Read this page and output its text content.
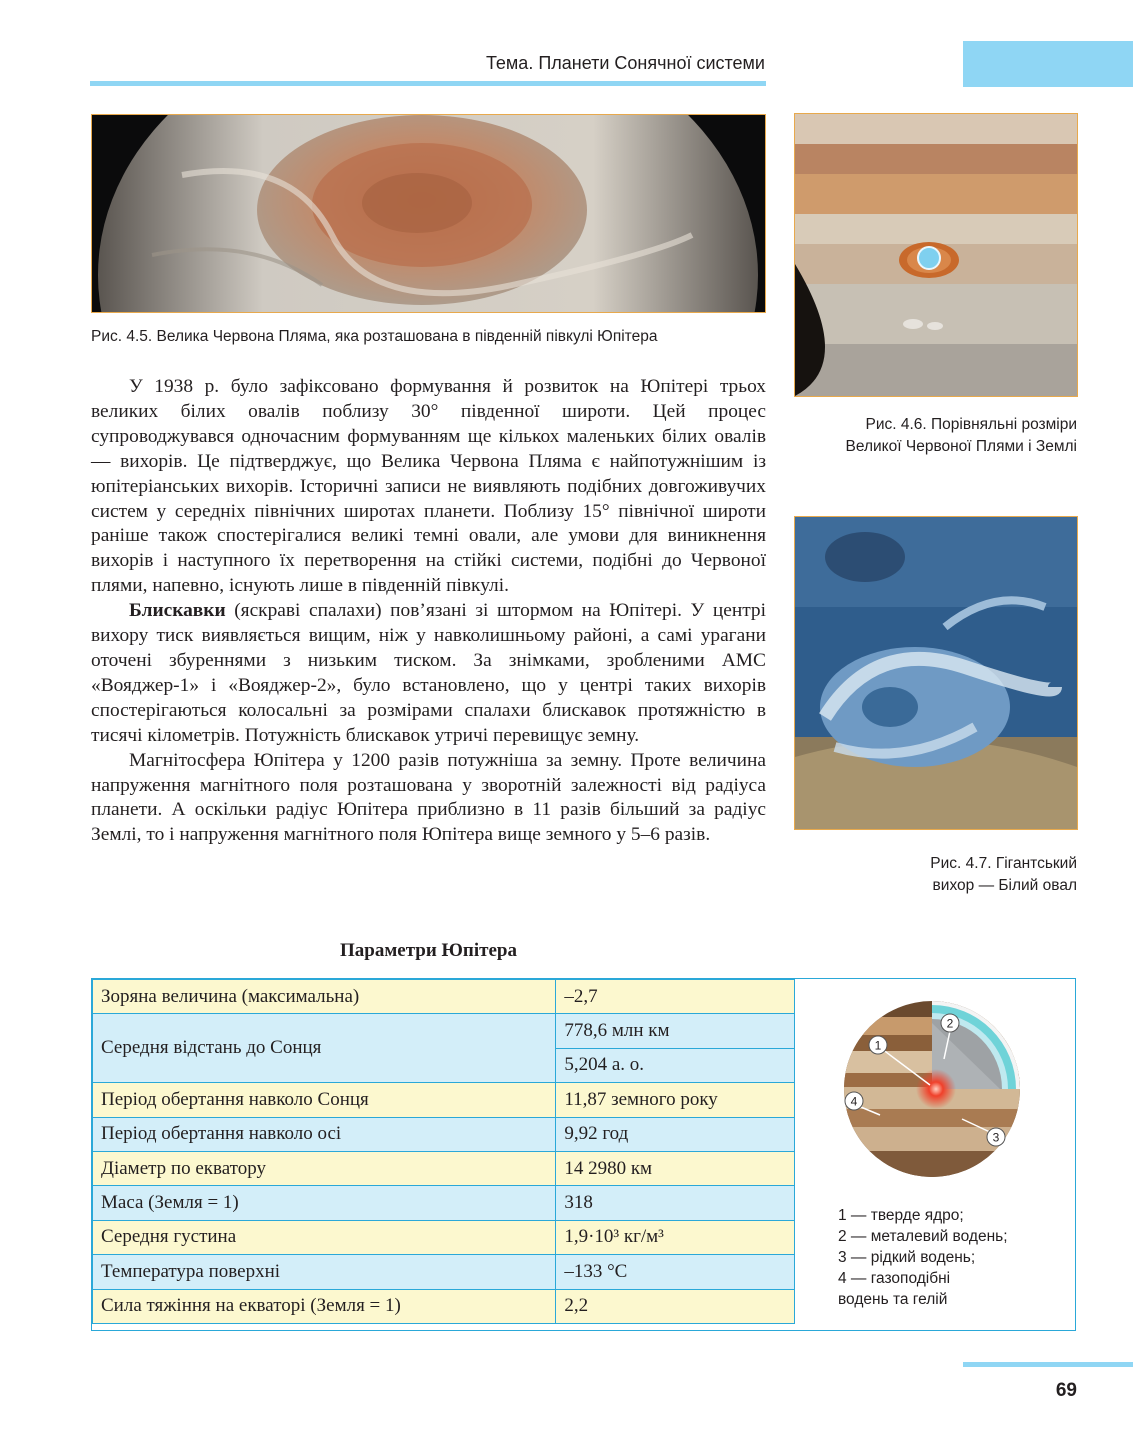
Тема. Планети Сонячної системи
Рис. 4.5. Велика Червона Пляма, яка розташована в південній півкулі Юпітера
Рис. 4.6. Порівняльні розміри
Великої Червоної Плями і Землі
Рис. 4.7. Гігантський
вихор — Білий овал

У 1938 р. було зафіксовано формування й розвиток на Юпітері трьох великих білих овалів поблизу 30° південної широти. Цей процес супроводжувався одночасним формуванням ще кількох маленьких білих овалів — вихорів. Це підтверджує, що Велика Червона Пляма є найпотужнішим із юпітеріанських вихорів. Історичні записи не виявляють подібних довгоживучих систем у середніх північних широтах планети. Поблизу 15° північної широти раніше також спостерігалися великі темні овали, але умови для виникнення вихорів і наступного їх перетворення на стійкі системи, подібні до Червоної плями, напевно, існують лише в південній півкулі.

Блискавки (яскраві спалахи) пов’язані зі штормом на Юпітері. У центрі вихору тиск виявляється вищим, ніж у навколишньому районі, а самі урагани оточені збуреннями з низьким тиском. За знімками, зробленими АМС «Вояджер-1» і «Вояджер-2», було встановлено, що у центрі таких вихорів спостерігаються колосальні за розмірами спалахи блискавок протяжністю в тисячі кілометрів. Потужність блискавок утричі перевищує земну.

Магнітосфера Юпітера у 1200 разів потужніша за земну. Проте величина напруження магнітного поля розташована у зворотній залежності від радіуса планети. А оскільки радіус Юпітера приблизно в 11 разів більший за радіус Землі, то і напруження магнітного поля Юпітера вище земного у 5–6 разів.

Параметри Юпітера
Зоряна величина (максимальна)	–2,7
Середня відстань до Сонця	778,6 млн км
	5,204 а. о.
Період обертання навколо Сонця	11,87 земного року
Період обертання навколо осі	9,92 год
Діаметр по екватору	14 2980 км
Маса (Земля = 1)	318
Середня густина	1,9·10³ кг/м³
Температура поверхні	–133 °С
Сила тяжіння на екваторі (Земля = 1)	2,2
1
2
3
4
1 — тверде ядро;
2 — металевий водень;
3 — рідкий водень;
4 — газоподібні
водень та гелій
69
